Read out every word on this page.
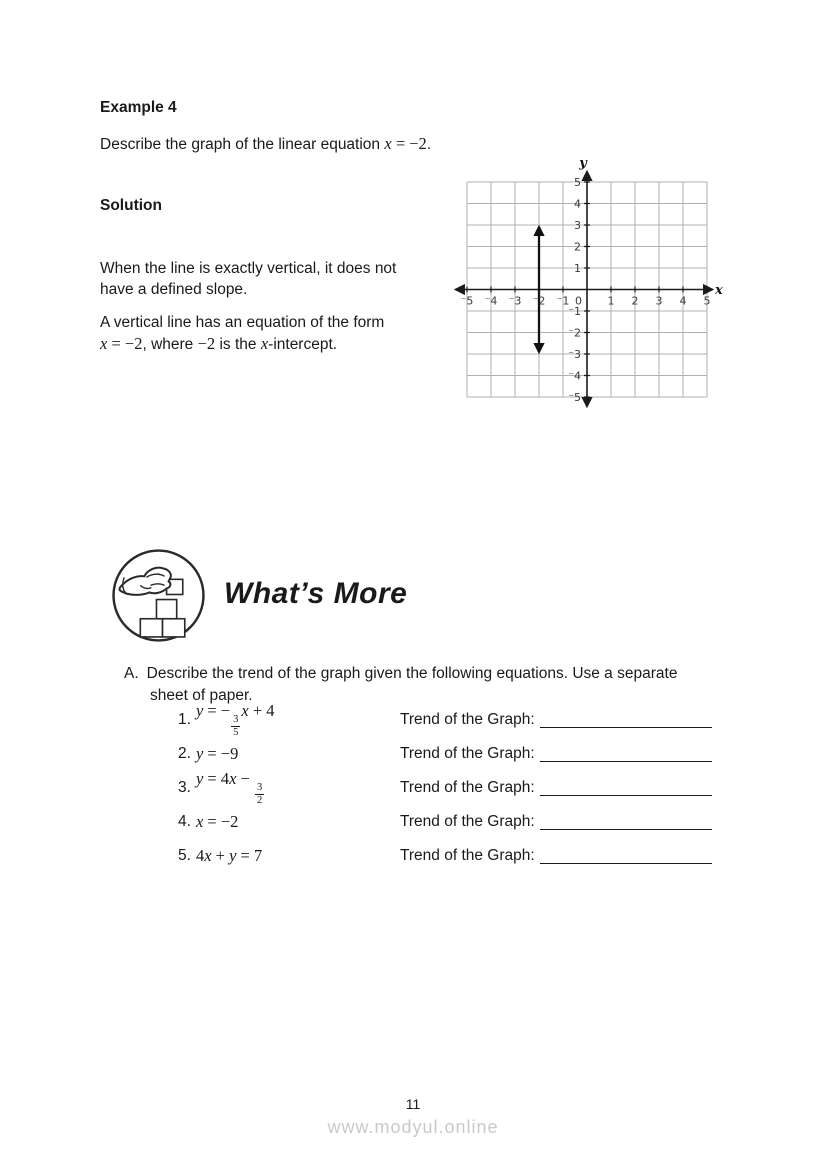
Example 4
Describe the graph of the linear equation x = −2.
Solution
When the line is exactly vertical, it does not
have a defined slope.
A vertical line has an equation of the form
x = −2, where −2 is the x-intercept.
⁻5 ⁻4 ⁻3 ⁻2 ⁻1 0 1 2 3 4 5
5
4
3
2
1
⁻1
⁻2
⁻3
⁻4
⁻5
x
y
What’s More
A. Describe the trend of the graph given the following equations. Use a separate
sheet of paper.
1. y = −
$\frac{3}{5}$
x + 4	Trend of the Graph:
2. y = −9	Trend of the Graph:
3. y = 4x −
$\frac{3}{2}$	Trend of the Graph:
4. x = −2	Trend of the Graph:
5. 4x + y = 7	Trend of the Graph:
11
www.modyul.online
